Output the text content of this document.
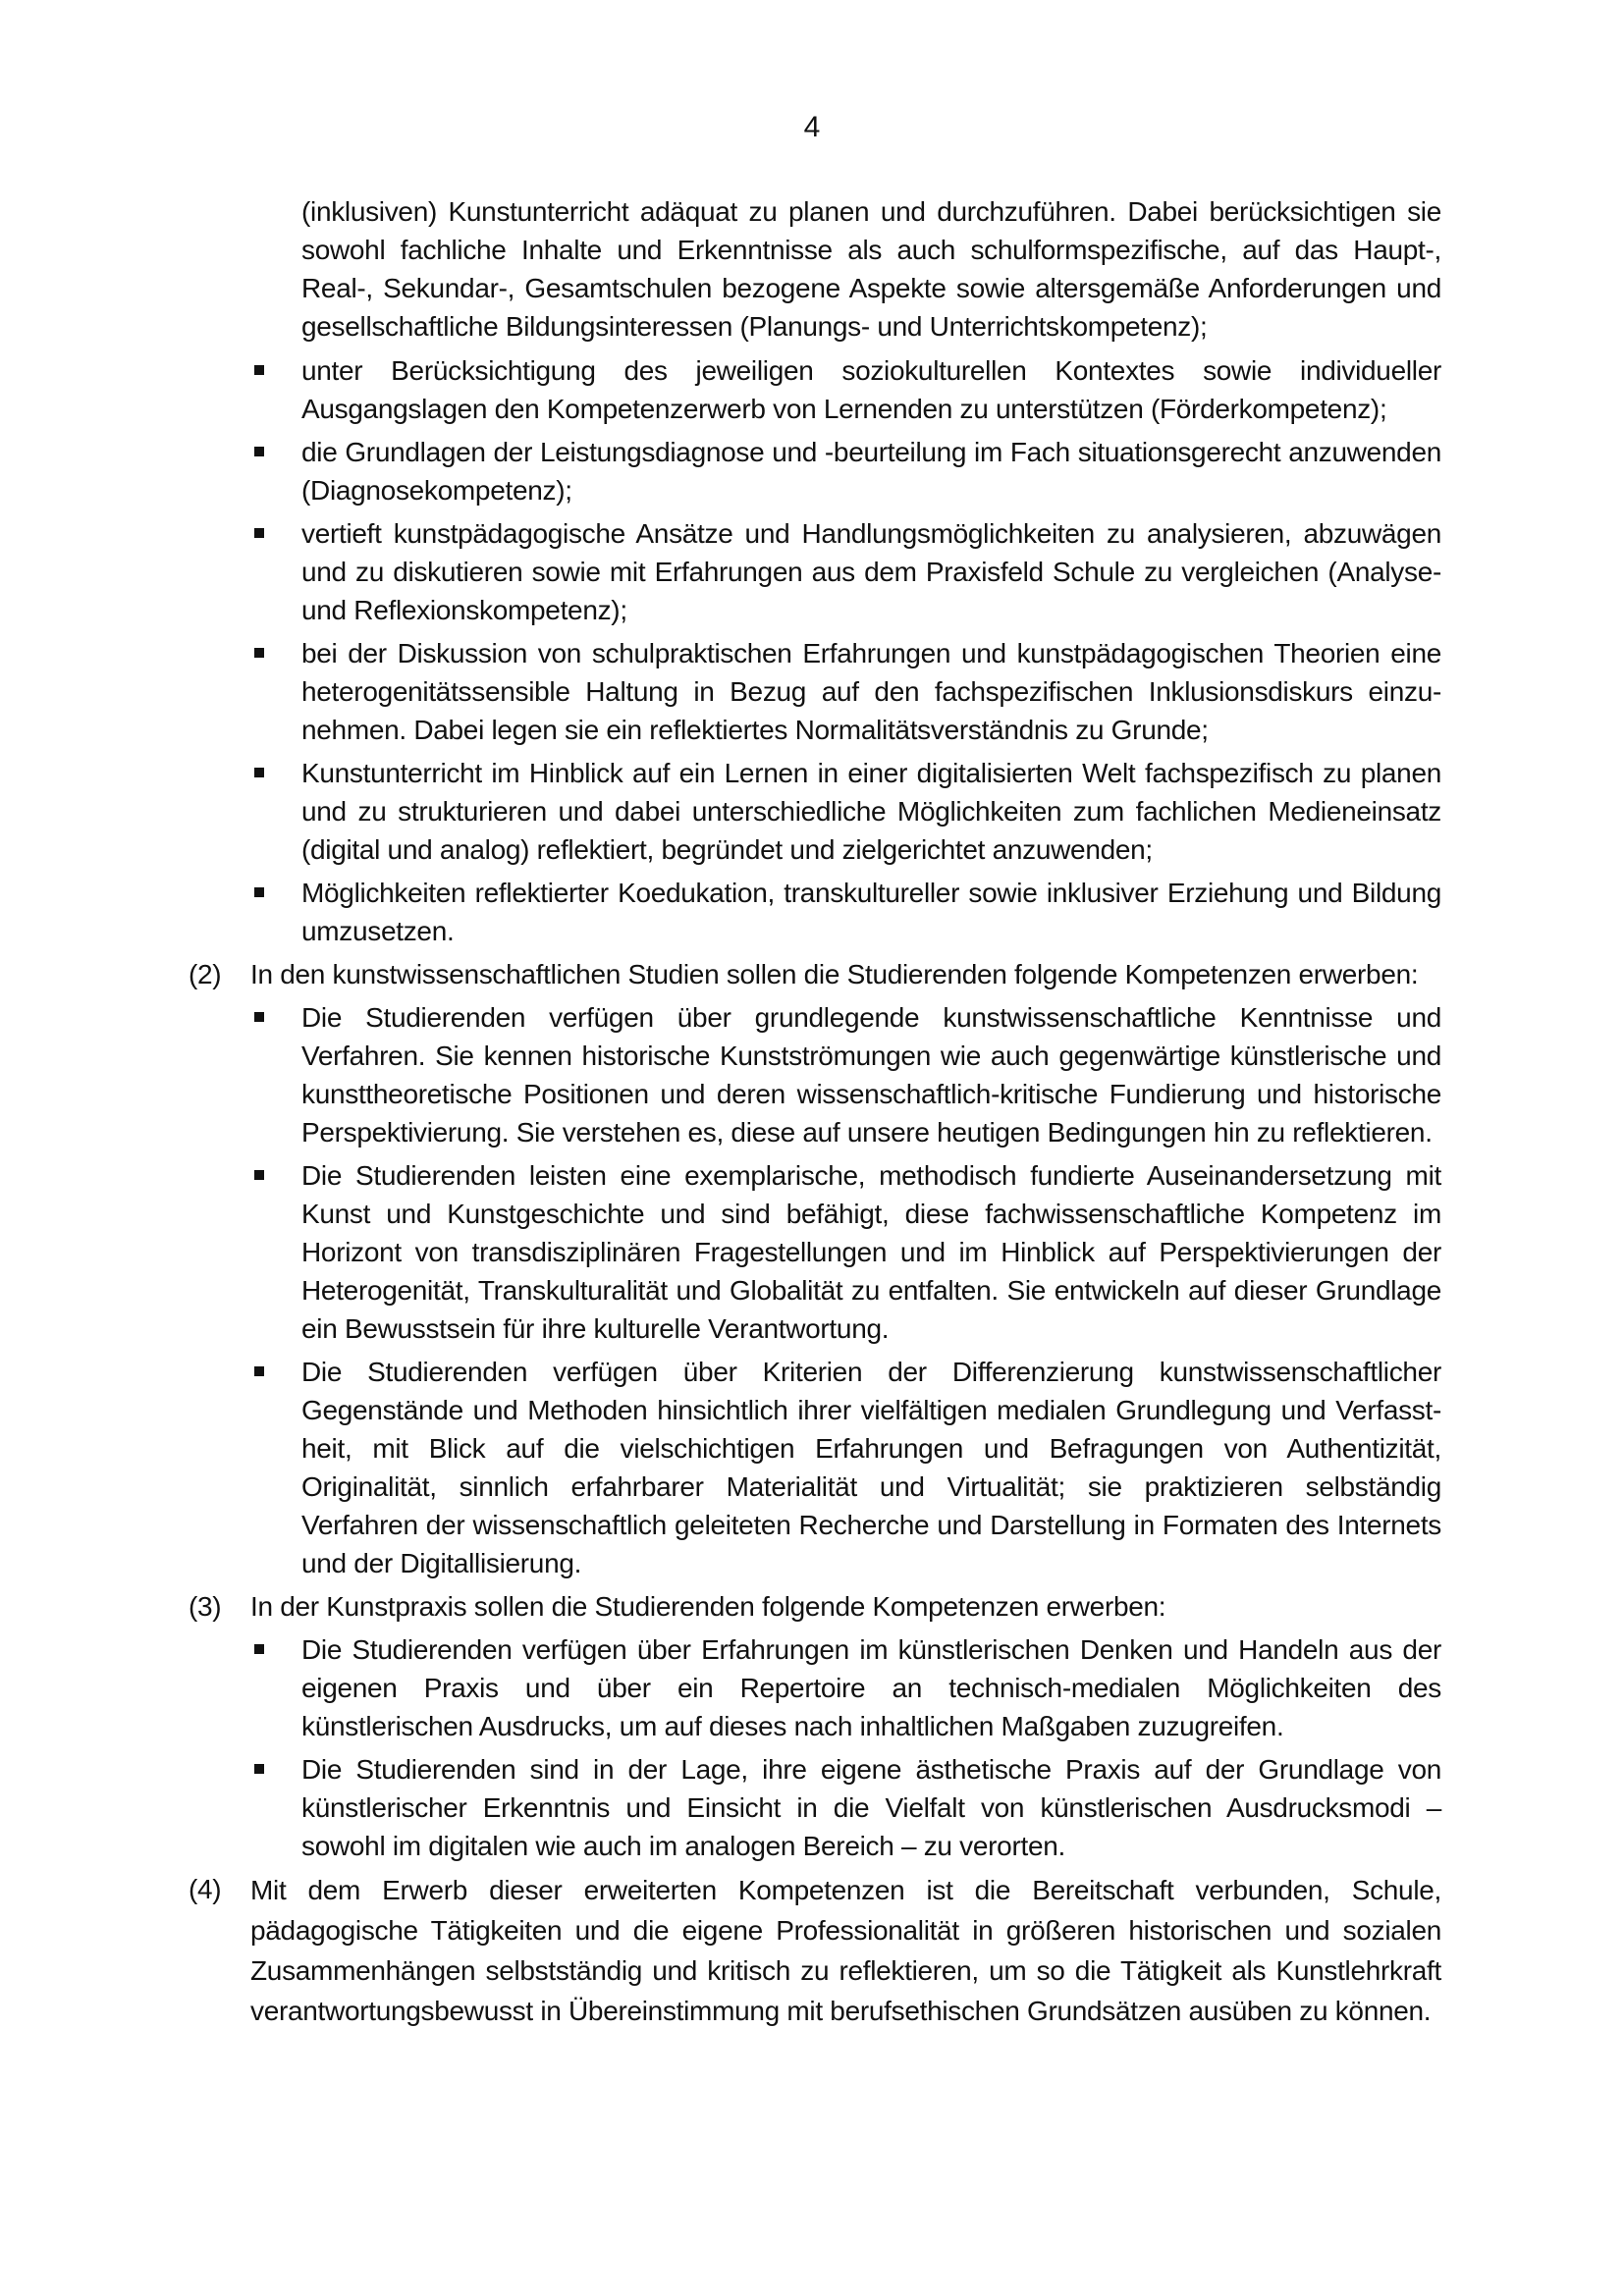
4

(inklusiven) Kunstunterricht adäquat zu planen und durchzuführen. Dabei berücksichtigen sie sowohl fachliche Inhalte und Erkenntnisse als auch schulformspezifische, auf das Haupt-, Real-, Sekundar-, Gesamtschulen bezogene Aspekte sowie altersgemäße Anforderungen und gesellschaftliche Bildungsinteressen (Planungs- und Unterrichtskompetenz);

unter Berücksichtigung des jeweiligen soziokulturellen Kontextes sowie individueller Ausgangslagen den Kompetenzerwerb von Lernenden zu unterstützen (Förderkompetenz);

die Grundlagen der Leistungsdiagnose und -beurteilung im Fach situationsgerecht anzuwenden (Diagnosekompetenz);

vertieft kunstpädagogische Ansätze und Handlungsmöglichkeiten zu analysieren, abzuwägen und zu diskutieren sowie mit Erfahrungen aus dem Praxisfeld Schule zu vergleichen (Analyse- und Reflexionskompetenz);

bei der Diskussion von schulpraktischen Erfahrungen und kunstpädagogischen Theorien eine heterogenitätssensible Haltung in Bezug auf den fachspezifischen Inklusionsdiskurs einzu-nehmen. Dabei legen sie ein reflektiertes Normalitätsverständnis zu Grunde;

Kunstunterricht im Hinblick auf ein Lernen in einer digitalisierten Welt fachspezifisch zu planen und zu strukturieren und dabei unterschiedliche Möglichkeiten zum fachlichen Medieneinsatz (digital und analog) reflektiert, begründet und zielgerichtet anzuwenden;

Möglichkeiten reflektierter Koedukation, transkultureller sowie inklusiver Erziehung und Bildung umzusetzen.

(2) In den kunstwissenschaftlichen Studien sollen die Studierenden folgende Kompetenzen erwerben:

Die Studierenden verfügen über grundlegende kunstwissenschaftliche Kenntnisse und Verfahren. Sie kennen historische Kunstströmungen wie auch gegenwärtige künstlerische und kunsttheoretische Positionen und deren wissenschaftlich-kritische Fundierung und historische Perspektivierung. Sie verstehen es, diese auf unsere heutigen Bedingungen hin zu reflektieren.

Die Studierenden leisten eine exemplarische, methodisch fundierte Auseinandersetzung mit Kunst und Kunstgeschichte und sind befähigt, diese fachwissenschaftliche Kompetenz im Horizont von transdisziplinären Fragestellungen und im Hinblick auf Perspektivierungen der Heterogenität, Transkulturalität und Globalität zu entfalten. Sie entwickeln auf dieser Grundlage ein Bewusstsein für ihre kulturelle Verantwortung.

Die Studierenden verfügen über Kriterien der Differenzierung kunstwissenschaftlicher Gegenstände und Methoden hinsichtlich ihrer vielfältigen medialen Grundlegung und Verfasst-heit, mit Blick auf die vielschichtigen Erfahrungen und Befragungen von Authentizität, Originalität, sinnlich erfahrbarer Materialität und Virtualität; sie praktizieren selbständig Verfahren der wissenschaftlich geleiteten Recherche und Darstellung in Formaten des Internets und der Digitallisierung.

(3) In der Kunstpraxis sollen die Studierenden folgende Kompetenzen erwerben:

Die Studierenden verfügen über Erfahrungen im künstlerischen Denken und Handeln aus der eigenen Praxis und über ein Repertoire an technisch-medialen Möglichkeiten des künstlerischen Ausdrucks, um auf dieses nach inhaltlichen Maßgaben zuzugreifen.

Die Studierenden sind in der Lage, ihre eigene ästhetische Praxis auf der Grundlage von künstlerischer Erkenntnis und Einsicht in die Vielfalt von künstlerischen Ausdrucksmodi – sowohl im digitalen wie auch im analogen Bereich – zu verorten.

(4) Mit dem Erwerb dieser erweiterten Kompetenzen ist die Bereitschaft verbunden, Schule, pädagogische Tätigkeiten und die eigene Professionalität in größeren historischen und sozialen Zusammenhängen selbstständig und kritisch zu reflektieren, um so die Tätigkeit als Kunstlehrkraft verantwortungsbewusst in Übereinstimmung mit berufsethischen Grundsätzen ausüben zu können.
